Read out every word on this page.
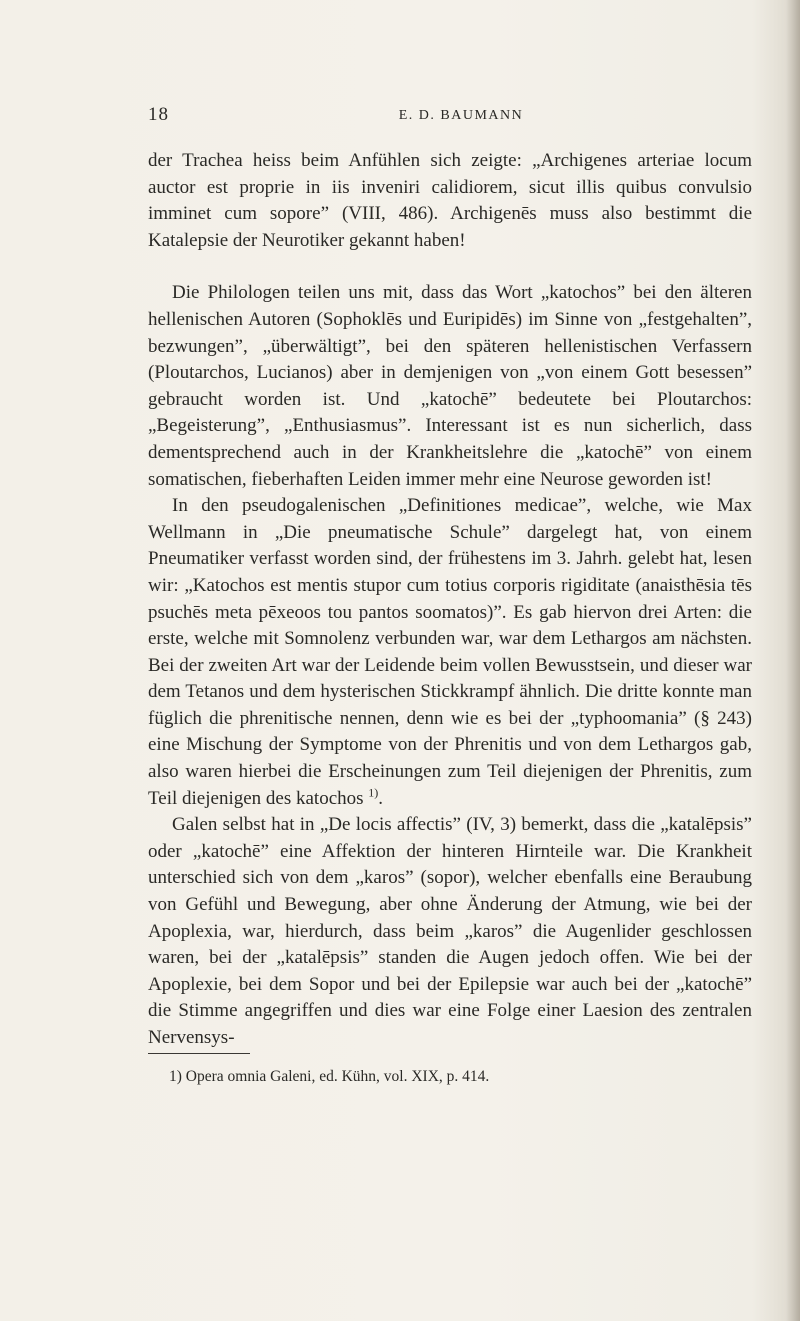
18	E. D. BAUMANN

der Trachea heiss beim Anfühlen sich zeigte: „Archigenes arteriae locum auctor est proprie in iis inveniri calidiorem, sicut illis quibus convulsio imminet cum sopore” (VIII, 486). Archigenēs muss also bestimmt die Katalepsie der Neurotiker gekannt haben!

Die Philologen teilen uns mit, dass das Wort „katochos” bei den älteren hellenischen Autoren (Sophoklēs und Euripidēs) im Sinne von „festgehalten”, bezwungen”, „überwältigt”, bei den späteren hellenistischen Verfassern (Ploutarchos, Lucianos) aber in demjenigen von „von einem Gott besessen” gebraucht worden ist. Und „katochē” bedeutete bei Ploutarchos: „Begeisterung”, „Enthusiasmus”. Interessant ist es nun sicherlich, dass dementsprechend auch in der Krankheitslehre die „katochē” von einem somatischen, fieberhaften Leiden immer mehr eine Neurose geworden ist!

In den pseudogalenischen „Definitiones medicae”, welche, wie Max Wellmann in „Die pneumatische Schule” dargelegt hat, von einem Pneumatiker verfasst worden sind, der frühestens im 3. Jahrh. gelebt hat, lesen wir: „Katochos est mentis stupor cum totius corporis rigiditate (anaisthēsia tēs psuchēs meta pēxeoos tou pantos soomatos)”. Es gab hiervon drei Arten: die erste, welche mit Somnolenz verbunden war, war dem Lethargos am nächsten. Bei der zweiten Art war der Leidende beim vollen Bewusstsein, und dieser war dem Tetanos und dem hysterischen Stickkrampf ähnlich. Die dritte konnte man füglich die phrenitische nennen, denn wie es bei der „typhoomania” (§ 243) eine Mischung der Symptome von der Phrenitis und von dem Lethargos gab, also waren hierbei die Erscheinungen zum Teil diejenigen der Phrenitis, zum Teil diejenigen des katochos $^{1)}$.

Galen selbst hat in „De locis affectis” (IV, 3) bemerkt, dass die „katalēpsis” oder „katochē” eine Affektion der hinteren Hirnteile war. Die Krankheit unterschied sich von dem „karos” (sopor), welcher ebenfalls eine Beraubung von Gefühl und Bewegung, aber ohne Änderung der Atmung, wie bei der Apoplexia, war, hierdurch, dass beim „karos” die Augenlider geschlossen waren, bei der „katalēpsis” standen die Augen jedoch offen. Wie bei der Apoplexie, bei dem Sopor und bei der Epilepsie war auch bei der „katochē” die Stimme angegriffen und dies war eine Folge einer Laesion des zentralen Nervensys-

1) Opera omnia Galeni, ed. Kühn, vol. XIX, p. 414.
